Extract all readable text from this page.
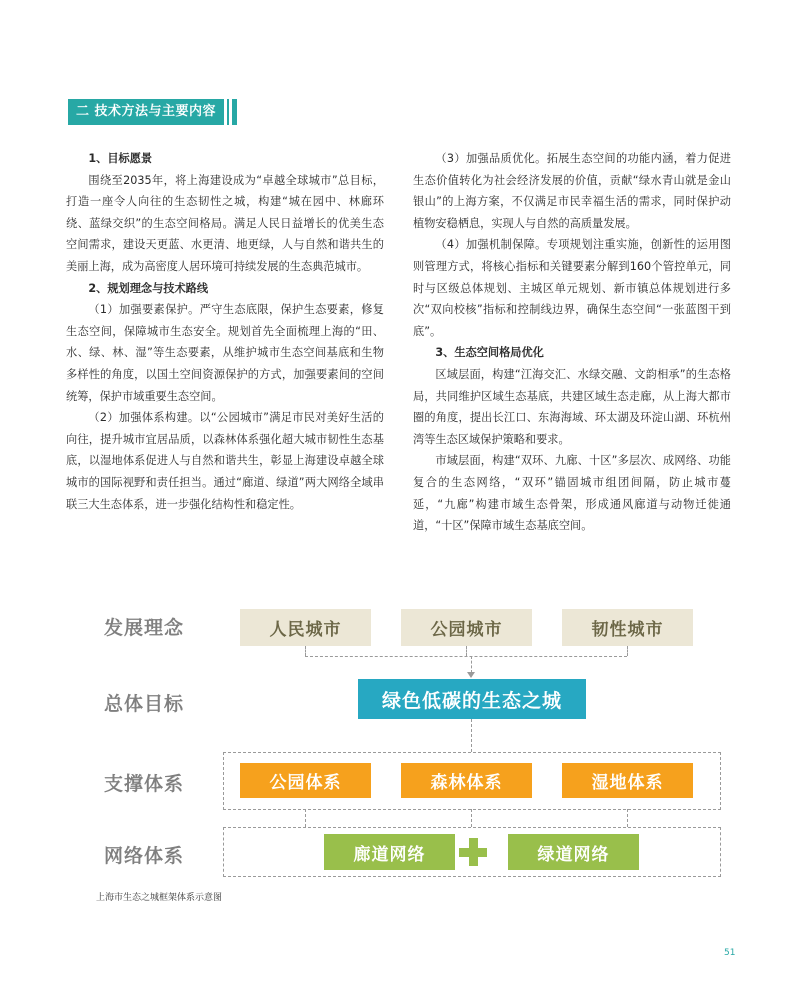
二 技术方法与主要内容

1、目标愿景

围绕至2035年，将上海建设成为“卓越全球城市”总目标，打造一座令人向往的生态韧性之城，构建“城在园中、林廊环绕、蓝绿交织”的生态空间格局。满足人民日益增长的优美生态空间需求，建设天更蓝、水更清、地更绿，人与自然和谐共生的美丽上海，成为高密度人居环境可持续发展的生态典范城市。

2、规划理念与技术路线

（1）加强要素保护。严守生态底限，保护生态要素，修复生态空间，保障城市生态安全。规划首先全面梳理上海的“田、水、绿、林、湿”等生态要素，从维护城市生态空间基底和生物多样性的角度，以国土空间资源保护的方式，加强要素间的空间统筹，保护市域重要生态空间。

（2）加强体系构建。以“公园城市”满足市民对美好生活的向往，提升城市宜居品质，以森林体系强化超大城市韧性生态基底，以湿地体系促进人与自然和谐共生，彰显上海建设卓越全球城市的国际视野和责任担当。通过“廊道、绿道”两大网络全域串联三大生态体系，进一步强化结构性和稳定性。

（3）加强品质优化。拓展生态空间的功能内涵，着力促进生态价值转化为社会经济发展的价值，贡献“绿水青山就是金山银山”的上海方案，不仅满足市民幸福生活的需求，同时保护动植物安稳栖息，实现人与自然的高质量发展。

（4）加强机制保障。专项规划注重实施，创新性的运用图则管理方式，将核心指标和关键要素分解到160个管控单元，同时与区级总体规划、主城区单元规划、新市镇总体规划进行多次“双向校核”指标和控制线边界，确保生态空间“一张蓝图干到底”。

3、生态空间格局优化

区域层面，构建“江海交汇、水绿交融、文韵相承”的生态格局，共同维护区域生态基底，共建区域生态走廊，从上海大都市圈的角度，提出长江口、东海海域、环太湖及环淀山湖、环杭州湾等生态区域保护策略和要求。

市域层面，构建“双环、九廊、十区”多层次、成网络、功能复合的生态网络，“双环”锚固城市组团间隔，防止城市蔓延，“九廊”构建市域生态骨架，形成通风廊道与动物迁徙通道，“十区”保障市域生态基底空间。

发展理念
总体目标
支撑体系
网络体系
人民城市	公园城市	韧性城市
绿色低碳的生态之城
公园体系	森林体系	湿地体系
廊道网络	绿道网络
上海市生态之城框架体系示意图
51
